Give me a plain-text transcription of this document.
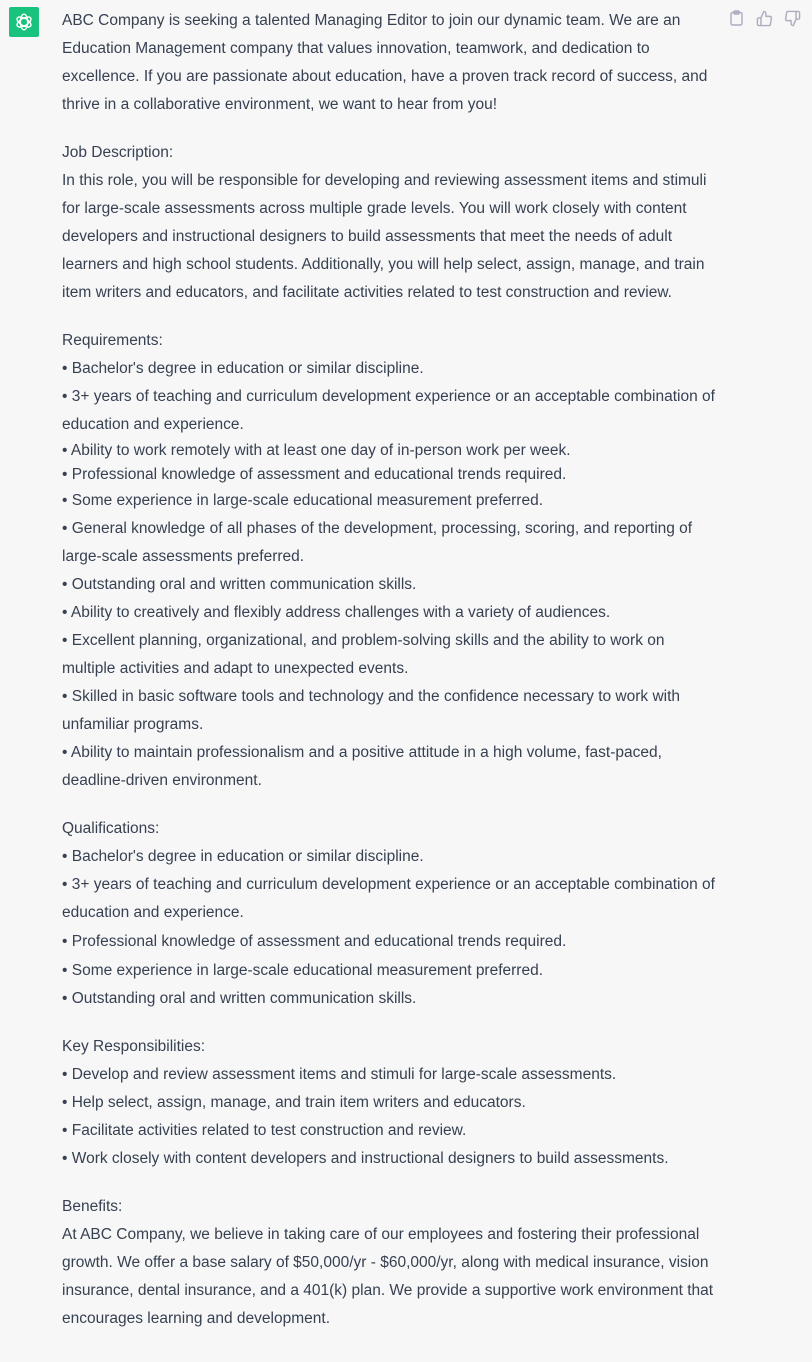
ABC Company is seeking a talented Managing Editor to join our dynamic team. We are an Education Management company that values innovation, teamwork, and dedication to excellence. If you are passionate about education, have a proven track record of success, and thrive in a collaborative environment, we want to hear from you!

Job Description:
In this role, you will be responsible for developing and reviewing assessment items and stimuli for large-scale assessments across multiple grade levels. You will work closely with content developers and instructional designers to build assessments that meet the needs of adult learners and high school students. Additionally, you will help select, assign, manage, and train item writers and educators, and facilitate activities related to test construction and review.
Requirements:
• Bachelor's degree in education or similar discipline.
• 3+ years of teaching and curriculum development experience or an acceptable combination of education and experience.
• Ability to work remotely with at least one day of in-person work per week.
• Professional knowledge of assessment and educational trends required.
• Some experience in large-scale educational measurement preferred.
• General knowledge of all phases of the development, processing, scoring, and reporting of large-scale assessments preferred.
• Outstanding oral and written communication skills.
• Ability to creatively and flexibly address challenges with a variety of audiences.
• Excellent planning, organizational, and problem-solving skills and the ability to work on multiple activities and adapt to unexpected events.
• Skilled in basic software tools and technology and the confidence necessary to work with unfamiliar programs.
• Ability to maintain professionalism and a positive attitude in a high volume, fast-paced, deadline-driven environment.
Qualifications:
• Bachelor's degree in education or similar discipline.
• 3+ years of teaching and curriculum development experience or an acceptable combination of education and experience.
• Professional knowledge of assessment and educational trends required.
• Some experience in large-scale educational measurement preferred.
• Outstanding oral and written communication skills.
Key Responsibilities:
• Develop and review assessment items and stimuli for large-scale assessments.
• Help select, assign, manage, and train item writers and educators.
• Facilitate activities related to test construction and review.
• Work closely with content developers and instructional designers to build assessments.
Benefits:
At ABC Company, we believe in taking care of our employees and fostering their professional growth. We offer a base salary of $50,000/yr - $60,000/yr, along with medical insurance, vision insurance, dental insurance, and a 401(k) plan. We provide a supportive work environment that encourages learning and development.
